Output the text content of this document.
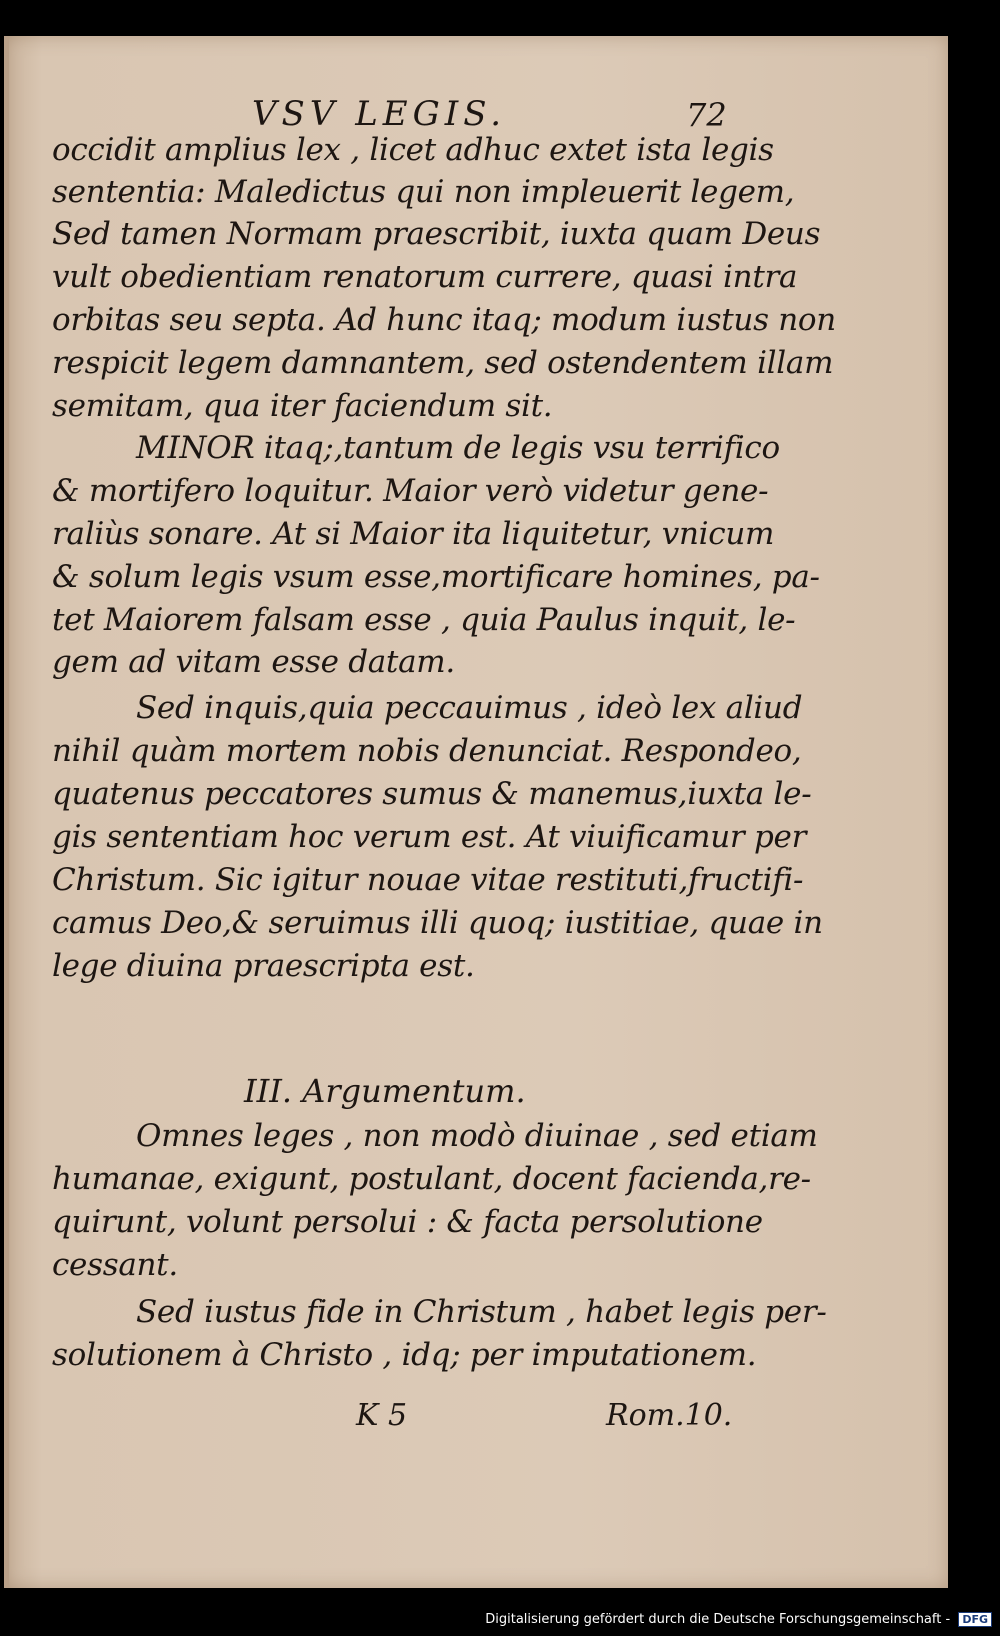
VSV LEGIS.	72
occidit amplius lex , licet adhuc extet ista legis
sententia: Maledictus qui non impleuerit legem,
Sed tamen Normam praescribit, iuxta quam Deus
vult obedientiam renatorum currere, quasi intra
orbitas seu septa. Ad hunc itaq; modum iustus non
respicit legem damnantem, sed ostendentem illam
semitam, qua iter faciendum sit.
MINOR itaq;,tantum de legis vsu terrifico
& mortifero loquitur. Maior verò videtur gene-
raliùs sonare. At si Maior ita liquitetur, vnicum
& solum legis vsum esse,mortificare homines, pa-
tet Maiorem falsam esse , quia Paulus inquit, le-
gem ad vitam esse datam.
Sed inquis,quia peccauimus , ideò lex aliud
nihil quàm mortem nobis denunciat. Respondeo,
quatenus peccatores sumus & manemus,iuxta le-
gis sententiam hoc verum est. At viuificamur per
Christum. Sic igitur nouae vitae restituti,fructifi-
camus Deo,& seruimus illi quoq; iustitiae, quae in
lege diuina praescripta est.
III. Argumentum.
Omnes leges , non modò diuinae , sed etiam
humanae, exigunt, postulant, docent facienda,re-
quirunt, volunt persolui : & facta persolutione
cessant.
Sed iustus fide in Christum , habet legis per-
solutionem à Christo , idq; per imputationem.
K 5	Rom.10.
Digitalisierung gefördert durch die Deutsche Forschungsgemeinschaft - DFG
